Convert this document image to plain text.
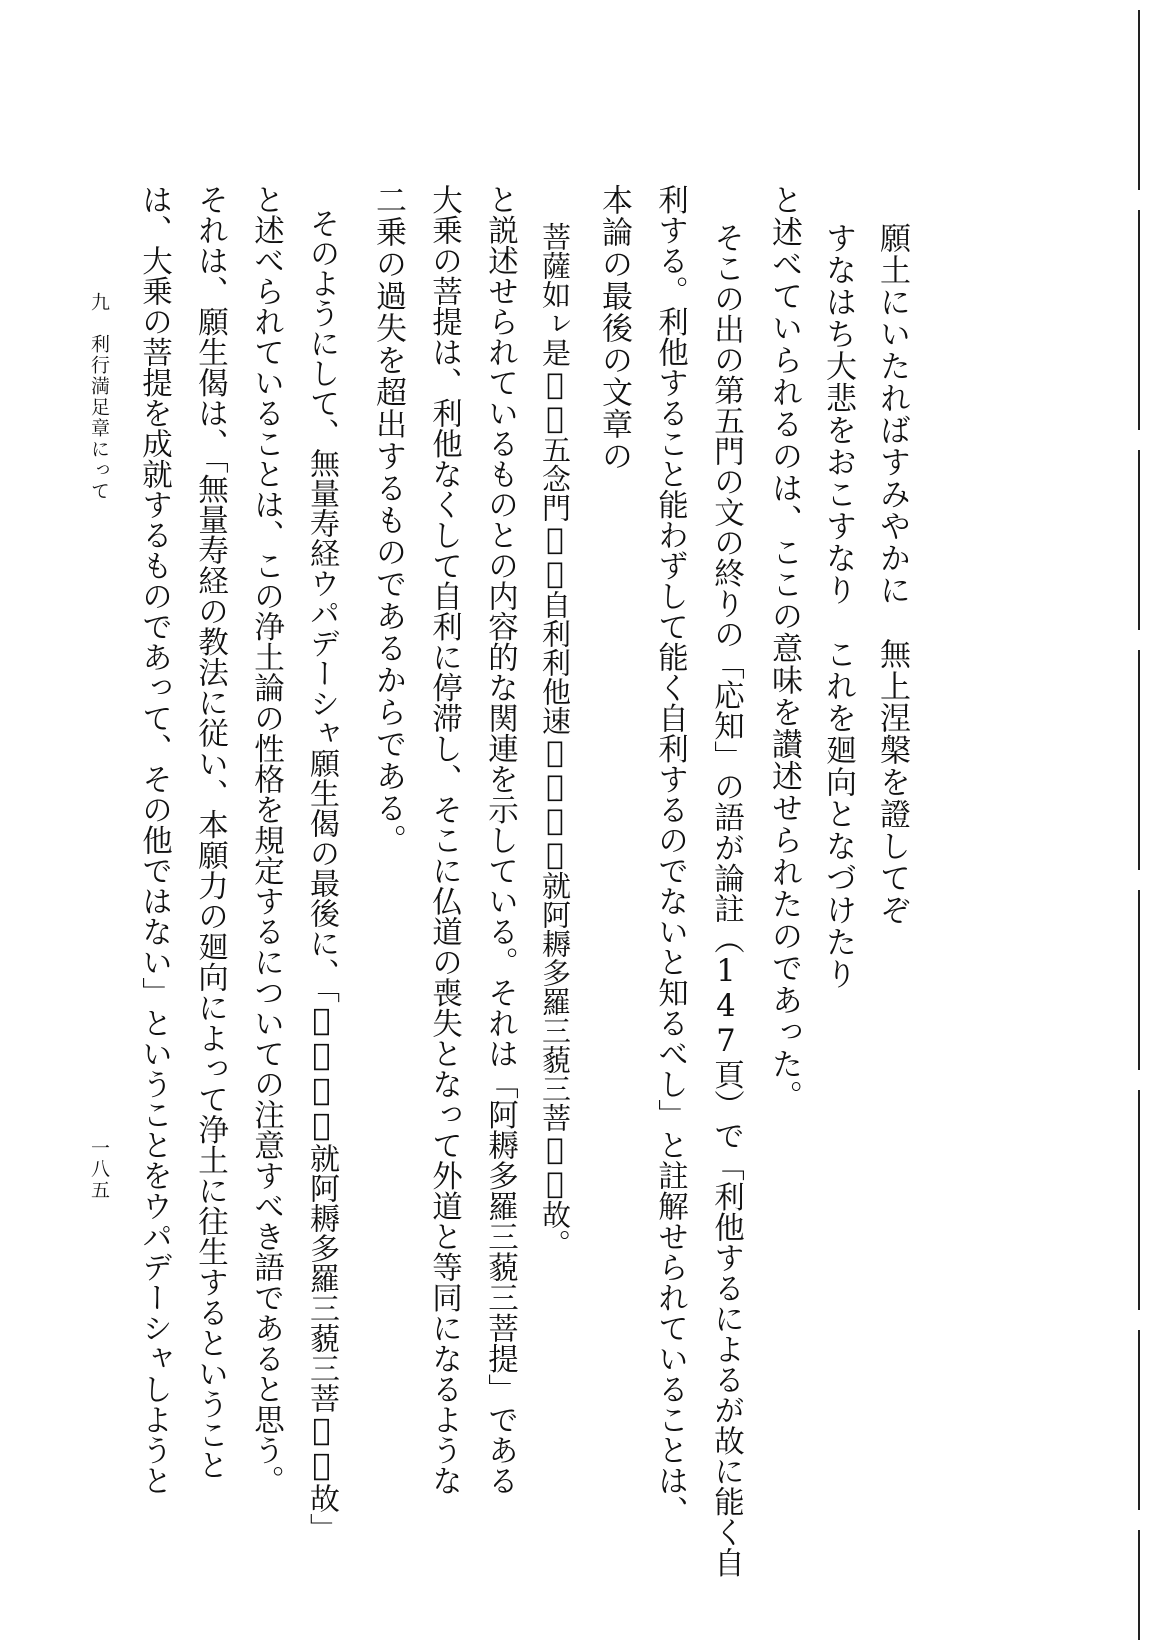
願土にいたればすみやかに　無上涅槃を證してぞ
すなはち大悲をおこすなり　これを廻向となづけたり
と述べていられるのは、ここの意味を讃述せられたのであった。
そこの出の第五門の文の終りの「応知」の語が論註（147頁）で「利他するによるが故に能く自
利する。利他すること能わずして能く自利するのでないと知るべし」と註解せられていることは、
本論の最後の文章の
菩薩如ㇾ是修᷾五念門行᷾自利利他速得᷾成᷾就阿耨多羅三藐三菩提᷾故。
と説述せられているものとの内容的な関連を示している。それは「阿耨多羅三藐三菩提」である
大乗の菩提は、利他なくして自利に停滞し、そこに仏道の喪失となって外道と等同になるような
二乗の過失を超出するものであるからである。
そのようにして、無量寿経ウパデーシャ願生偈の最後に、「得᷾成᷾就阿耨多羅三藐三菩提᷾故」
と述べられていることは、この浄土論の性格を規定するについての注意すべき語であると思う。
それは、願生偈は、「無量寿経の教法に従い、本願力の廻向によって浄土に往生するということ
は、大乗の菩提を成就するものであって、その他ではない」ということをウパデーシャしようと
九　利行満足章にって
一八五
